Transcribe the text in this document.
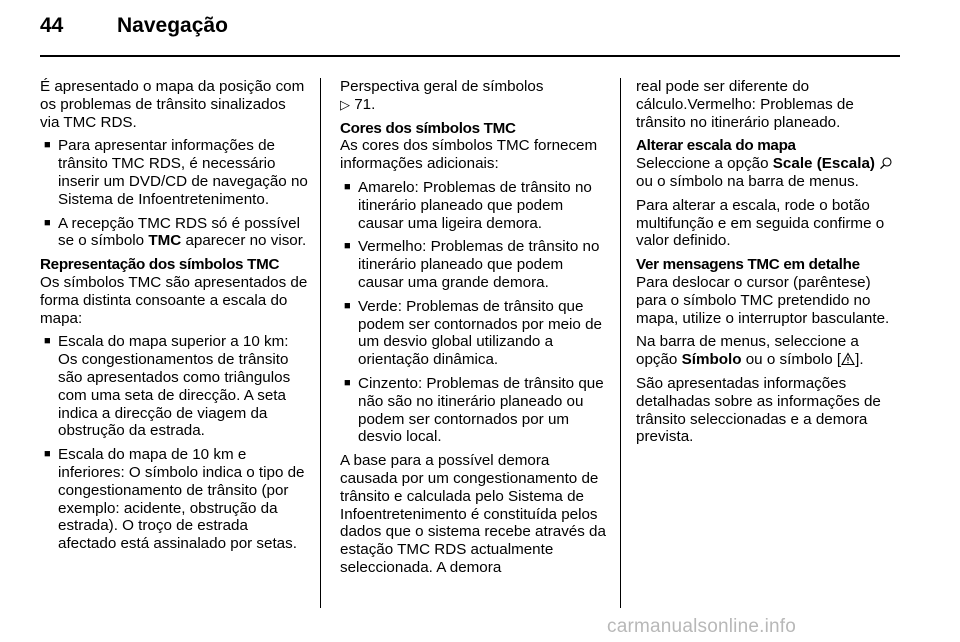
44	Navegação

É apresentado o mapa da posição com os problemas de trânsito sinalizados via TMC RDS.

■ Para apresentar informações de trânsito TMC RDS, é necessário inserir um DVD/CD de navegação no Sistema de Infoentretenimento.
■ A recepção TMC RDS só é possível se o símbolo TMC aparecer no visor.
Representação dos símbolos TMC

Os símbolos TMC são apresentados de forma distinta consoante a escala do mapa:

■ Escala do mapa superior a 10 km: Os congestionamentos de trânsito são apresentados como triângulos com uma seta de direcção. A seta indica a direcção de viagem da obstrução da estrada.
■ Escala do mapa de 10 km e inferiores: O símbolo indica o tipo de congestionamento de trânsito (por exemplo: acidente, obstrução da estrada). O troço de estrada afectado está assinalado por setas.

Perspectiva geral de símbolos
▷ 71.

Cores dos símbolos TMC

As cores dos símbolos TMC fornecem informações adicionais:

■ Amarelo: Problemas de trânsito no itinerário planeado que podem causar uma ligeira demora.
■ Vermelho: Problemas de trânsito no itinerário planeado que podem causar uma grande demora.
■ Verde: Problemas de trânsito que podem ser contornados por meio de um desvio global utilizando a orientação dinâmica.
■ Cinzento: Problemas de trânsito que não são no itinerário planeado ou podem ser contornados por um desvio local.

A base para a possível demora causada por um congestionamento de trânsito e calculada pelo Sistema de Infoentretenimento é constituída pelos dados que o sistema recebe através da estação TMC RDS actualmente seleccionada. A demora

real pode ser diferente do cálculo.Vermelho: Problemas de trânsito no itinerário planeado.

Alterar escala do mapa

Seleccione a opção Scale (Escala)  ou o símbolo na barra de menus.

Para alterar a escala, rode o botão multifunção e em seguida confirme o valor definido.

Ver mensagens TMC em detalhe

Para deslocar o cursor (parêntese) para o símbolo TMC pretendido no mapa, utilize o interruptor basculante.

Na barra de menus, seleccione a opção Símbolo ou o símbolo [ ].

São apresentadas informações detalhadas sobre as informações de trânsito seleccionadas e a demora prevista.

carmanualsonline.info
